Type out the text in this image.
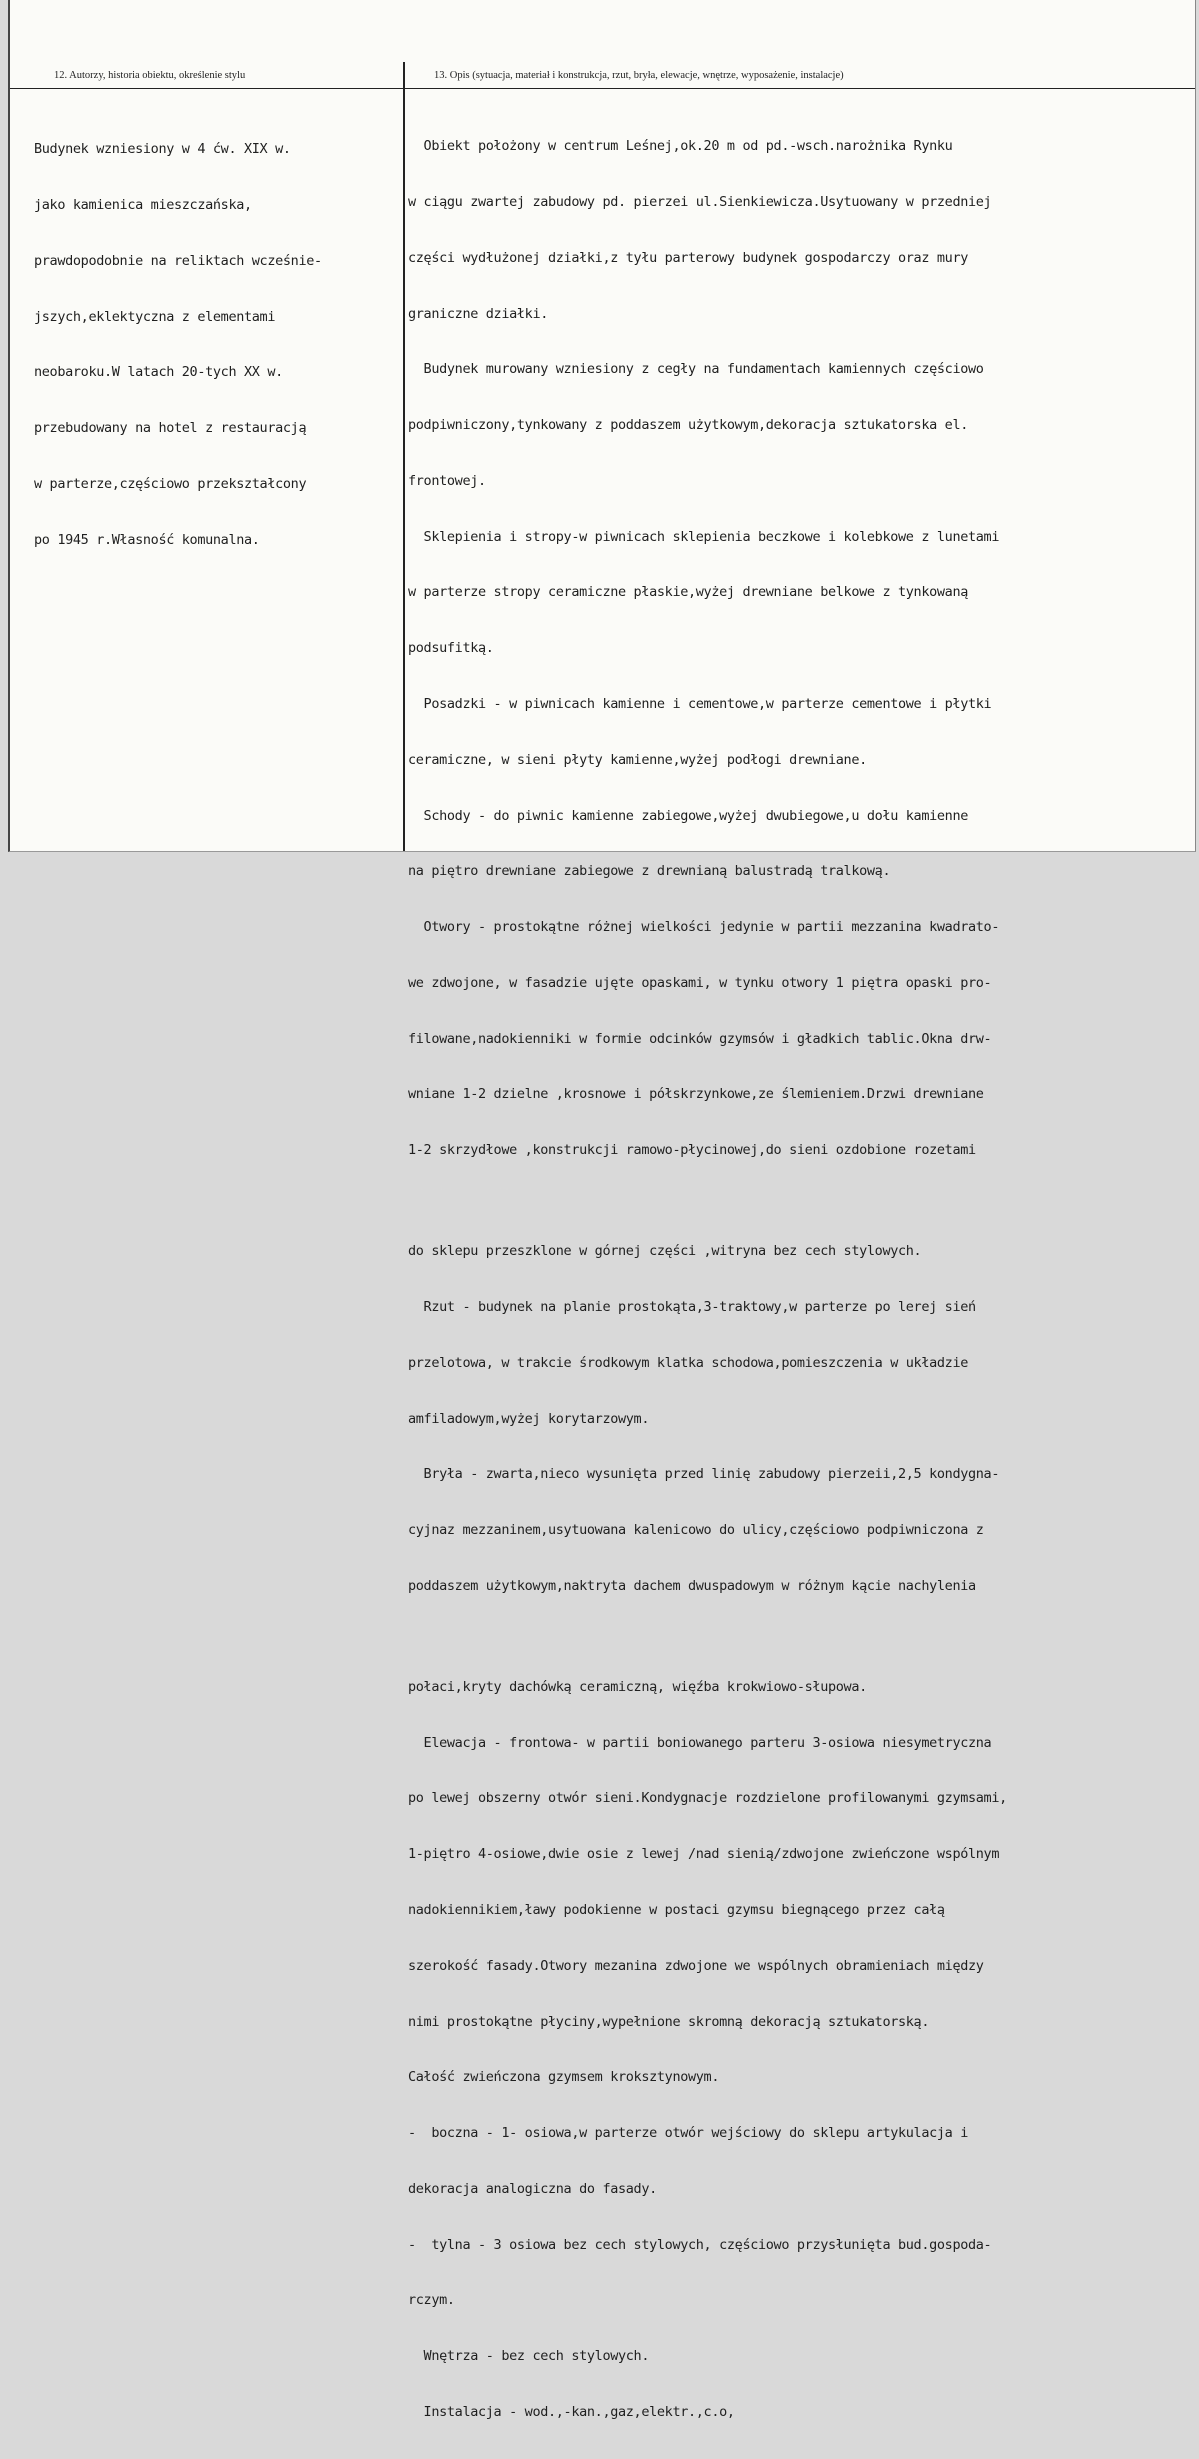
12. Autorzy, historia obiektu, określenie stylu	13. Opis (sytuacja, materiał i konstrukcja, rzut, bryła, elewacje, wnętrze, wyposażenie, instalacje)

Budynek wzniesiony w 4 ćw. XIX w.

jako kamienica mieszczańska,

prawdopodobnie na reliktach wcześnie-

jszych,eklektyczna z elementami

neobaroku.W latach 20-tych XX w.

przebudowany na hotel z restauracją

w parterze,częściowo przekształcony

po 1945 r.Własność komunalna.

Obiekt położony w centrum Leśnej,ok.20 m od pd.-wsch.narożnika Rynku

w ciągu zwartej zabudowy pd. pierzei ul.Sienkiewicza.Usytuowany w przedniej

części wydłużonej działki,z tyłu parterowy budynek gospodarczy oraz mury

graniczne działki.

Budynek murowany wzniesiony z cegły na fundamentach kamiennych częściowo

podpiwniczony,tynkowany z poddaszem użytkowym,dekoracja sztukatorska el.

frontowej.

Sklepienia i stropy-w piwnicach sklepienia beczkowe i kolebkowe z lunetami

w parterze stropy ceramiczne płaskie,wyżej drewniane belkowe z tynkowaną

podsufitką.

Posadzki - w piwnicach kamienne i cementowe,w parterze cementowe i płytki

ceramiczne, w sieni płyty kamienne,wyżej podłogi drewniane.

Schody - do piwnic kamienne zabiegowe,wyżej dwubiegowe,u dołu kamienne

na piętro drewniane zabiegowe z drewnianą balustradą tralkową.

Otwory - prostokątne różnej wielkości jedynie w partii mezzanina kwadrato-

we zdwojone, w fasadzie ujęte opaskami, w tynku otwory 1 piętra opaski pro-

filowane,nadokienniki w formie odcinków gzymsów i gładkich tablic.Okna drw-

wniane 1-2 dzielne ,krosnowe i półskrzynkowe,ze ślemieniem.Drzwi drewniane

1-2 skrzydłowe ,konstrukcji ramowo-płycinowej,do sieni ozdobione rozetami

do sklepu przeszklone w górnej części ,witryna bez cech stylowych.

Rzut - budynek na planie prostokąta,3-traktowy,w parterze po lerej sień

przelotowa, w trakcie środkowym klatka schodowa,pomieszczenia w układzie

amfiladowym,wyżej korytarzowym.

Bryła - zwarta,nieco wysunięta przed linię zabudowy pierzeii,2,5 kondygna-

cyjnaz mezzaninem,usytuowana kalenicowo do ulicy,częściowo podpiwniczona z

poddaszem użytkowym,naktryta dachem dwuspadowym w różnym kącie nachylenia

połaci,kryty dachówką ceramiczną, więźba krokwiowo-słupowa.

Elewacja - frontowa- w partii boniowanego parteru 3-osiowa niesymetryczna

po lewej obszerny otwór sieni.Kondygnacje rozdzielone profilowanymi gzymsami,

1-piętro 4-osiowe,dwie osie z lewej /nad sienią/zdwojone zwieńczone wspólnym

nadokiennikiem,ławy podokienne w postaci gzymsu biegnącego przez całą

szerokość fasady.Otwory mezanina zdwojone we wspólnych obramieniach między

nimi prostokątne płyciny,wypełnione skromną dekoracją sztukatorską.

Całość zwieńczona gzymsem kroksztynowym.

-  boczna - 1- osiowa,w parterze otwór wejściowy do sklepu artykulacja i

dekoracja analogiczna do fasady.

-  tylna - 3 osiowa bez cech stylowych, częściowo przysłunięta bud.gospoda-

rczym.

Wnętrza - bez cech stylowych.

Instalacja - wod.,-kan.,gaz,elektr.,c.o,
